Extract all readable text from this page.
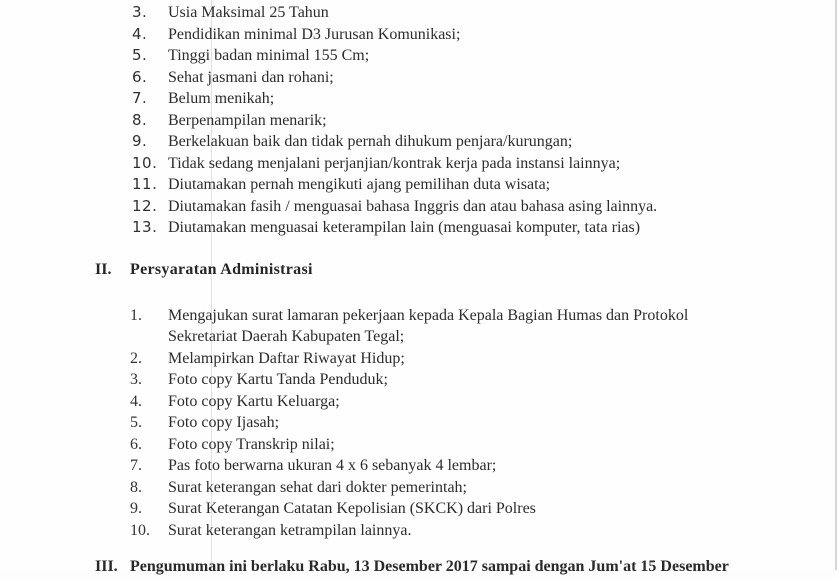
3.	Usia Maksimal 25 Tahun
4.	Pendidikan minimal D3 Jurusan Komunikasi;
5.	Tinggi badan minimal 155 Cm;
6.	Sehat jasmani dan rohani;
7.	Belum menikah;
8.	Berpenampilan menarik;
9.	Berkelakuan baik dan tidak pernah dihukum penjara/kurungan;
10. Tidak sedang menjalani perjanjian/kontrak kerja pada instansi lainnya;
11. Diutamakan pernah mengikuti ajang pemilihan duta wisata;
12. Diutamakan fasih / menguasai bahasa Inggris dan atau bahasa asing lainnya.
13. Diutamakan menguasai keterampilan lain (menguasai komputer, tata rias)
II. Persyaratan Administrasi
1.	Mengajukan surat lamaran pekerjaan kepada Kepala Bagian Humas dan Protokol
Sekretariat Daerah Kabupaten Tegal;
2.	Melampirkan Daftar Riwayat Hidup;
3.	Foto copy Kartu Tanda Penduduk;
4.	Foto copy Kartu Keluarga;
5.	Foto copy Ijasah;
6.	Foto copy Transkrip nilai;
7.	Pas foto berwarna ukuran 4 x 6 sebanyak 4 lembar;
8.	Surat keterangan sehat dari dokter pemerintah;
9.	Surat Keterangan Catatan Kepolisian (SKCK) dari Polres
10.	Surat keterangan ketrampilan lainnya.
III. Pengumuman ini berlaku Rabu, 13 Desember 2017 sampai dengan Jum'at 15 Desember
